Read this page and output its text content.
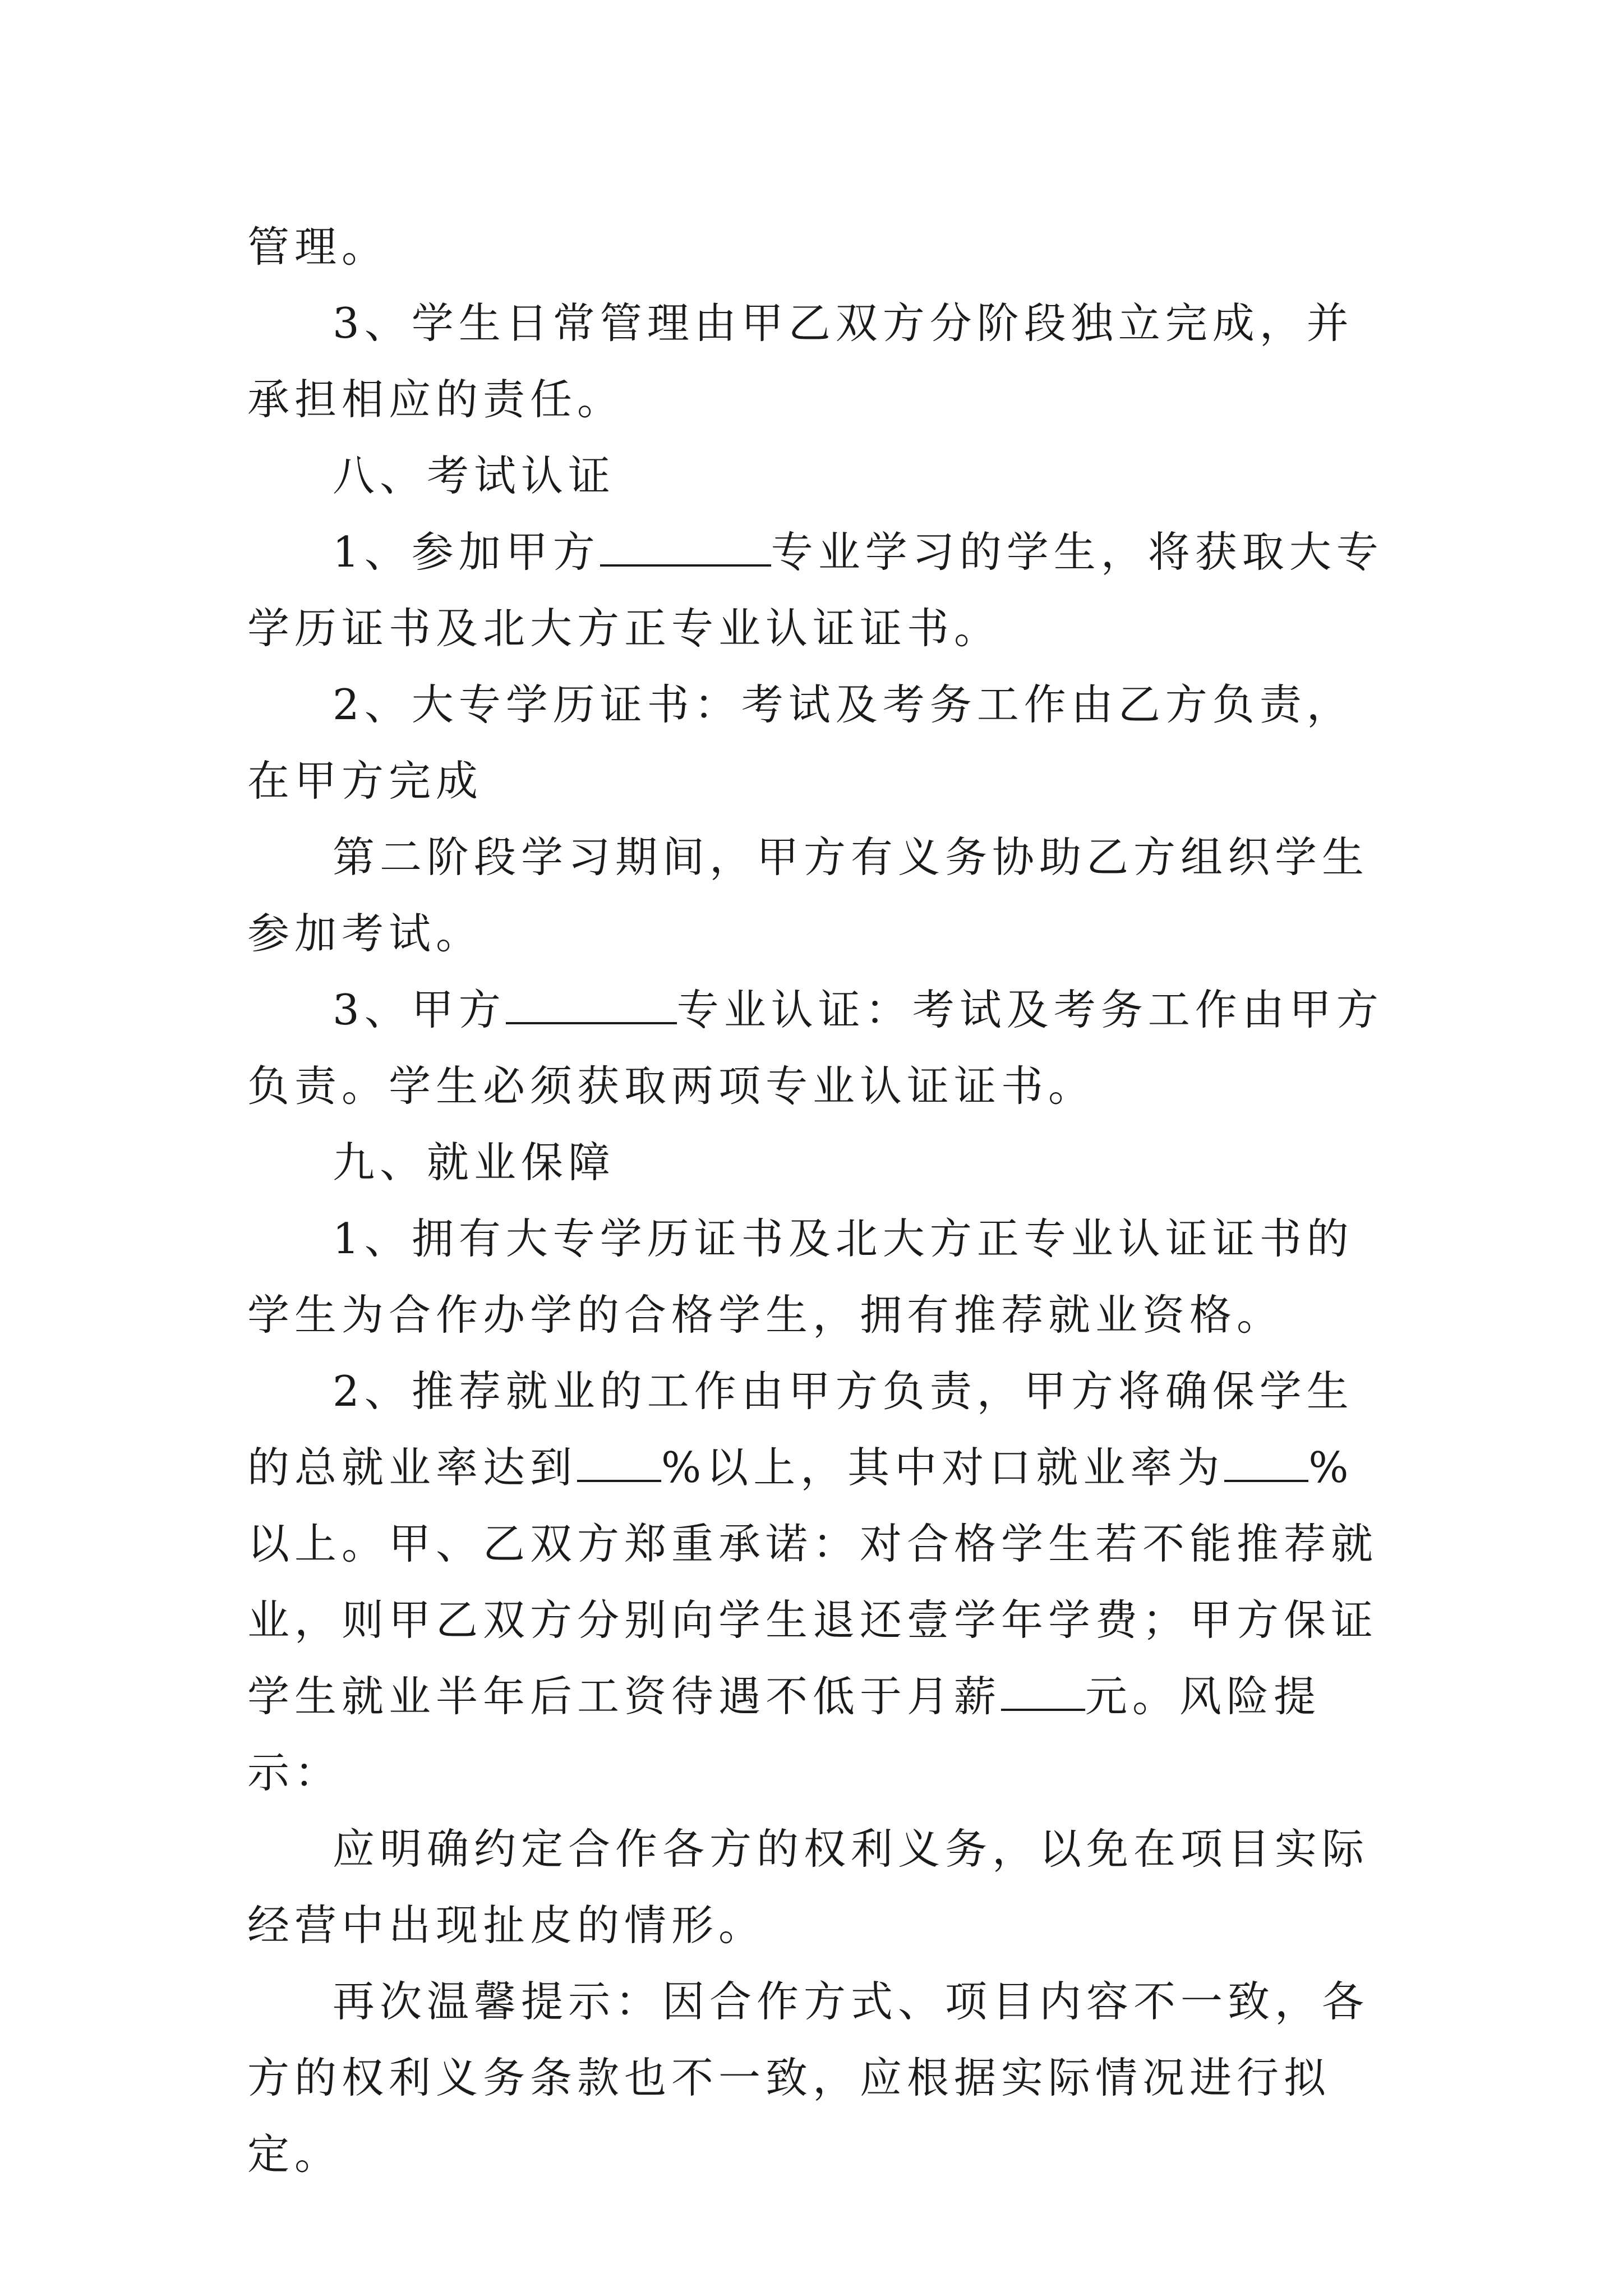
管理。

3、学生日常管理由甲乙双方分阶段独立完成，并承担相应的责任。

八、考试认证

1、参加甲方	专业学习的学生，将获取大专学历证书及北大方正专业认证证书。

2、大专学历证书：考试及考务工作由乙方负责，在甲方完成

第二阶段学习期间，甲方有义务协助乙方组织学生参加考试。

3、甲方	专业认证：考试及考务工作由甲方负责。学生必须获取两项专业认证证书。

九、就业保障

1、拥有大专学历证书及北大方正专业认证证书的学生为合作办学的合格学生，拥有推荐就业资格。

2、推荐就业的工作由甲方负责，甲方将确保学生的总就业率达到 %以上，其中对口就业率为 %以上。甲、乙双方郑重承诺：对合格学生若不能推荐就业，则甲乙双方分别向学生退还壹学年学费；甲方保证学生就业半年后工资待遇不低于月薪 元。风险提示：

应明确约定合作各方的权利义务，以免在项目实际经营中出现扯皮的情形。

再次温馨提示：因合作方式、项目内容不一致，各方的权利义务条款也不一致，应根据实际情况进行拟定。
